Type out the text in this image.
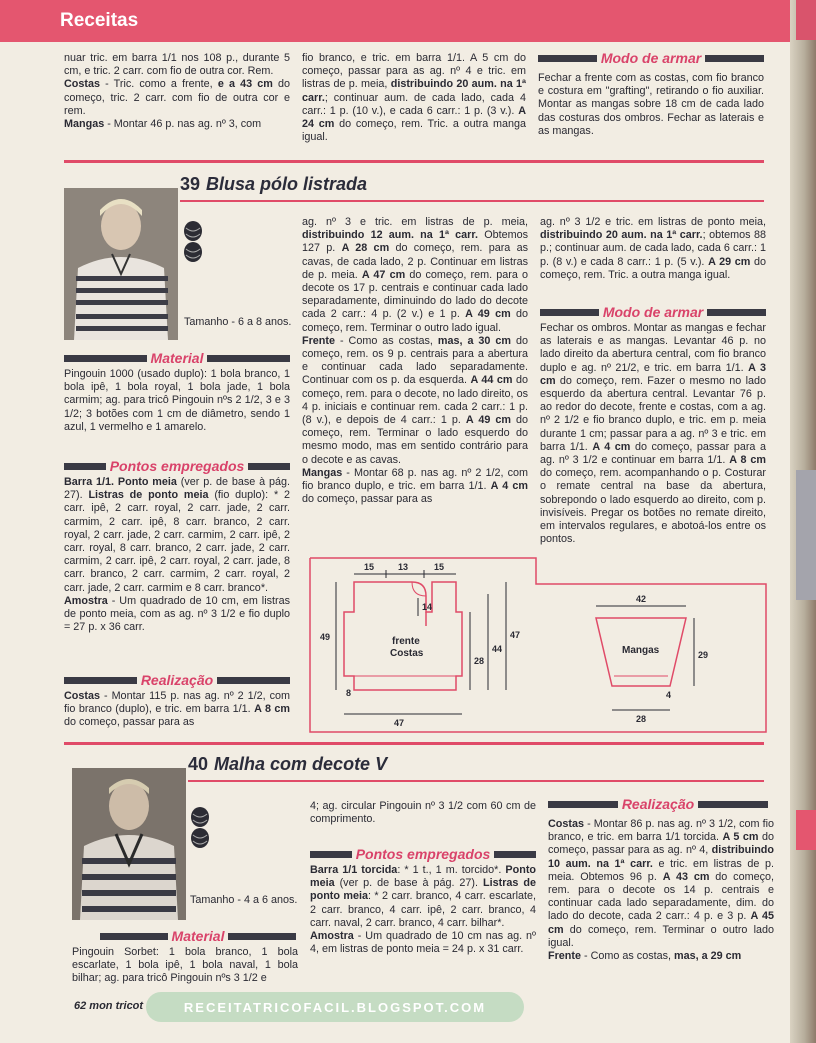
Receitas

nuar tric. em barra 1/1 nos 108 p., durante 5 cm, e tric. 2 carr. com fio de outra cor. Rem.

Costas - Tric. como a frente, e a 43 cm do começo, tric. 2 carr. com fio de outra cor e rem.

Mangas - Montar 46 p. nas ag. nº 3, com

fio branco, e tric. em barra 1/1. A 5 cm do começo, passar para as ag. nº 4 e tric. em listras de p. meia, distribuindo 20 aum. na 1ª carr.; continuar aum. de cada lado, cada 4 carr.: 1 p. (10 v.), e cada 6 carr.: 1 p. (3 v.). A 24 cm do começo, rem. Tric. a outra manga igual.

Modo de armar

Fechar a frente com as costas, com fio branco e costura em "grafting", retirando o fio auxiliar. Montar as mangas sobre 18 cm de cada lado das costuras dos ombros. Fechar as laterais e as mangas.

39 Blusa pólo listrada
Tamanho - 6 a 8 anos.
Material

Pingouin 1000 (usado duplo): 1 bola branco, 1 bola ipê, 1 bola royal, 1 bola jade, 1 bola carmim; ag. para tricô Pingouin nºs 2 1/2, 3 e 3 1/2; 3 botões com 1 cm de diâmetro, sendo 1 azul, 1 vermelho e 1 amarelo.

Pontos empregados

Barra 1/1. Ponto meia (ver p. de base à pág. 27). Listras de ponto meia (fio duplo): * 2 carr. ipê, 2 carr. royal, 2 carr. jade, 2 carr. carmim, 2 carr. ipê, 8 carr. branco, 2 carr. royal, 2 carr. jade, 2 carr. carmim, 2 carr. ipê, 2 carr. royal, 8 carr. branco, 2 carr. jade, 2 carr. carmim, 2 carr. ipê, 2 carr. royal, 2 carr. jade, 8 carr. branco, 2 carr. carmim, 2 carr. royal, 2 carr. jade, 2 carr. carmim e 8 carr. branco*.

Amostra - Um quadrado de 10 cm, em listras de ponto meia, com as ag. nº 3 1/2 e fio duplo = 27 p. x 36 carr.

Realização

Costas - Montar 115 p. nas ag. nº 2 1/2, com fio branco (duplo), e tric. em barra 1/1. A 8 cm do começo, passar para as

ag. nº 3 e tric. em listras de p. meia, distribuindo 12 aum. na 1ª carr. Obtemos 127 p. A 28 cm do começo, rem. para as cavas, de cada lado, 2 p. Continuar em listras de p. meia. A 47 cm do começo, rem. para o decote os 17 p. centrais e continuar cada lado separadamente, diminuindo do lado do decote cada 2 carr.: 4 p. (2 v.) e 1 p. A 49 cm do começo, rem. Terminar o outro lado igual.

Frente - Como as costas, mas, a 30 cm do começo, rem. os 9 p. centrais para a abertura e continuar cada lado separadamente. Continuar com os p. da esquerda. A 44 cm do começo, rem. para o decote, no lado direito, os 4 p. iniciais e continuar rem. cada 2 carr.: 1 p. (8 v.), e depois de 4 carr.: 1 p. A 49 cm do começo, rem. Terminar o lado esquerdo do mesmo modo, mas em sentido contrário para o decote e as cavas.

Mangas - Montar 68 p. nas ag. nº 2 1/2, com fio branco duplo, e tric. em barra 1/1. A 4 cm do começo, passar para as

ag. nº 3 1/2 e tric. em listras de ponto meia, distribuindo 20 aum. na 1ª carr.; obtemos 88 p.; continuar aum. de cada lado, cada 6 carr.: 1 p. (8 v.) e cada 8 carr.: 1 p. (5 v.). A 29 cm do começo, rem. Tric. a outra manga igual.

Modo de armar

Fechar os ombros. Montar as mangas e fechar as laterais e as mangas. Levantar 46 p. no lado direito da abertura central, com fio branco duplo e ag. nº 21/2, e tric. em barra 1/1. A 3 cm do começo, rem. Fazer o mesmo no lado esquerdo da abertura central. Levantar 76 p. ao redor do decote, frente e costas, com a ag. nº 2 1/2 e fio branco duplo, e tric. em p. meia durante 1 cm; passar para a ag. nº 3 e tric. em barra 1/1. A 4 cm do começo, passar para a ag. nº 3 1/2 e continuar em barra 1/1. A 8 cm do começo, rem. acompanhando o p. Costurar o remate central na base da abertura, sobrepondo o lado esquerdo ao direito, com p. invisíveis. Pregar os botões no remate direito, em intervalos regulares, e abotoá-los entre os pontos.

15	13	15
14
49
28
44
47
8
47
frente
Costas
42
29
4
28
Mangas
40 Malha com decote V
Tamanho - 4 a 6 anos.
Material

Pingouin Sorbet: 1 bola branco, 1 bola escarlate, 1 bola ipê, 1 bola naval, 1 bola bilhar; ag. para tricô Pingouin nºs 3 1/2 e

4; ag. circular Pingouin nº 3 1/2 com 60 cm de comprimento.

Pontos empregados

Barra 1/1 torcida: * 1 t., 1 m. torcido*. Ponto meia (ver p. de base à pág. 27). Listras de ponto meia: * 2 carr. branco, 4 carr. escarlate, 2 carr. branco, 4 carr. ipê, 2 carr. branco, 4 carr. naval, 2 carr. branco, 4 carr. bilhar*.

Amostra - Um quadrado de 10 cm nas ag. nº 4, em listras de ponto meia = 24 p. x 31 carr.

Realização

Costas - Montar 86 p. nas ag. nº 3 1/2, com fio branco, e tric. em barra 1/1 torcida. A 5 cm do começo, passar para as ag. nº 4, distribuindo 10 aum. na 1ª carr. e tric. em listras de p. meia. Obtemos 96 p. A 43 cm do começo, rem. para o decote os 14 p. centrais e continuar cada lado separadamente, dim. do lado do decote, cada 2 carr.: 4 p. e 3 p. A 45 cm do começo, rem. Terminar o outro lado igual.

Frente - Como as costas, mas, a 29 cm

62 mon tricot	RECEITATRICOFACIL.BLOGSPOT.COM
